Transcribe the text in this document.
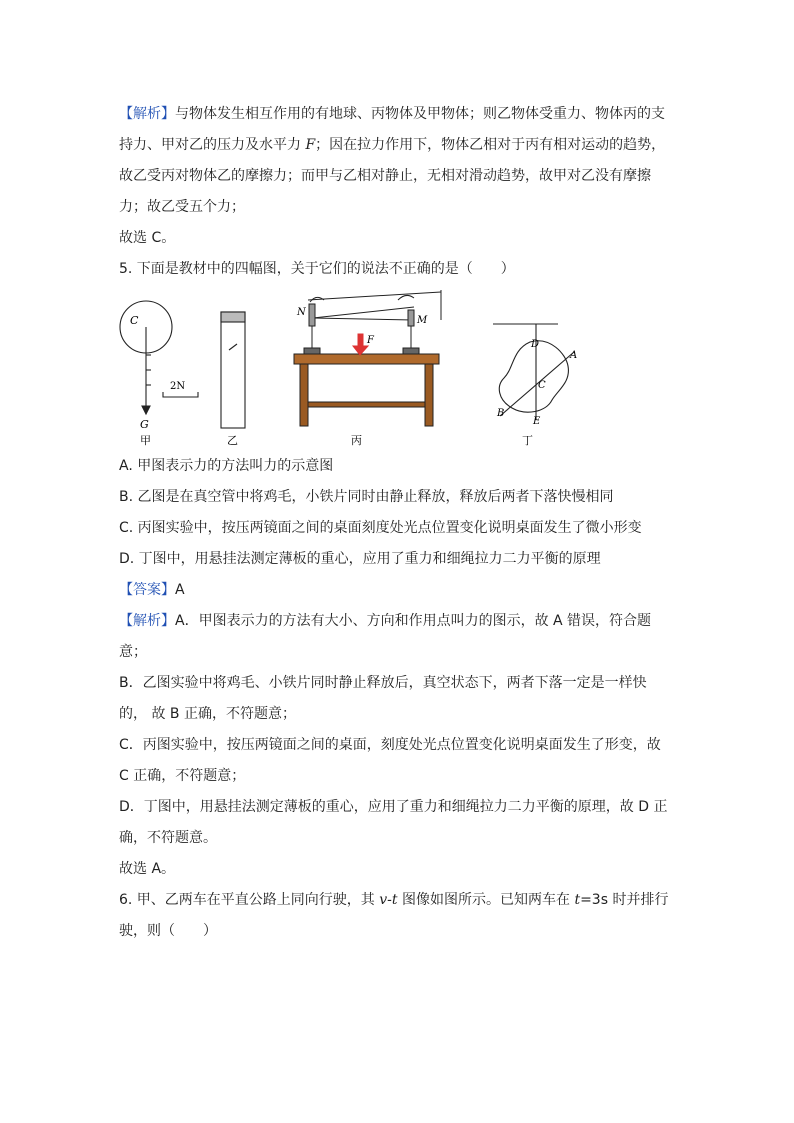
【解析】与物体发生相互作用的有地球、丙物体及甲物体；则乙物体受重力、物体丙的支
持力、甲对乙的压力及水平力 F；因在拉力作用下，物体乙相对于丙有相对运动的趋势，
故乙受丙对物体乙的摩擦力；而甲与乙相对静止，无相对滑动趋势，故甲对乙没有摩擦
力；故乙受五个力；
故选 C。
5. 下面是教材中的四幅图，关于它们的说法不正确的是（　　）
C
G
2N
甲	乙
N
M
F
丙
D
A
C
B
E
丁
A. 甲图表示力的方法叫力的示意图
B. 乙图是在真空管中将鸡毛，小铁片同时由静止释放，释放后两者下落快慢相同
C. 丙图实验中，按压两镜面之间的桌面刻度处光点位置变化说明桌面发生了微小形变
D. 丁图中，用悬挂法测定薄板的重心，应用了重力和细绳拉力二力平衡的原理
【答案】A
【解析】A．甲图表示力的方法有大小、方向和作用点叫力的图示，故 A 错误，符合题
意；
B．乙图实验中将鸡毛、小铁片同时静止释放后，真空状态下，两者下落一定是一样快
的， 故 B 正确，不符题意；
C．丙图实验中，按压两镜面之间的桌面，刻度处光点位置变化说明桌面发生了形变，故
C 正确，不符题意；
D．丁图中，用悬挂法测定薄板的重心，应用了重力和细绳拉力二力平衡的原理，故 D 正
确，不符题意。
故选 A。
6. 甲、乙两车在平直公路上同向行驶，其 v-t 图像如图所示。已知两车在 t=3s 时并排行
驶，则（　　）
